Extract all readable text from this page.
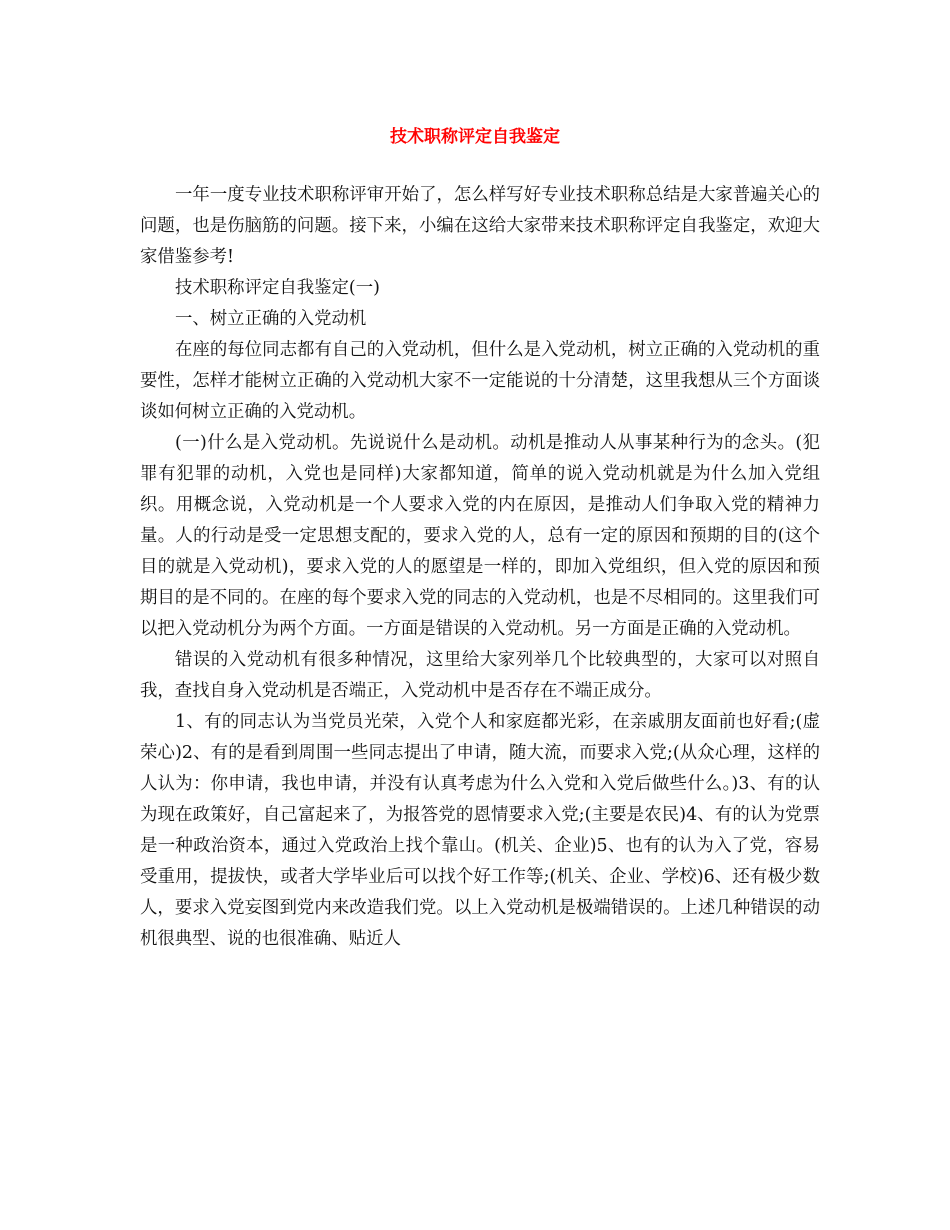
技术职称评定自我鉴定

一年一度专业技术职称评审开始了，怎么样写好专业技术职称总结是大家普遍关心的问题，也是伤脑筋的问题。接下来，小编在这给大家带来技术职称评定自我鉴定，欢迎大家借鉴参考!

技术职称评定自我鉴定(一)

一、树立正确的入党动机

在座的每位同志都有自己的入党动机，但什么是入党动机，树立正确的入党动机的重要性，怎样才能树立正确的入党动机大家不一定能说的十分清楚，这里我想从三个方面谈谈如何树立正确的入党动机。

(一)什么是入党动机。先说说什么是动机。动机是推动人从事某种行为的念头。(犯罪有犯罪的动机，入党也是同样)大家都知道，简单的说入党动机就是为什么加入党组织。用概念说，入党动机是一个人要求入党的内在原因，是推动人们争取入党的精神力量。人的行动是受一定思想支配的，要求入党的人，总有一定的原因和预期的目的(这个目的就是入党动机)，要求入党的人的愿望是一样的，即加入党组织，但入党的原因和预期目的是不同的。在座的每个要求入党的同志的入党动机，也是不尽相同的。这里我们可以把入党动机分为两个方面。一方面是错误的入党动机。另一方面是正确的入党动机。

错误的入党动机有很多种情况，这里给大家列举几个比较典型的，大家可以对照自我，查找自身入党动机是否端正，入党动机中是否存在不端正成分。

1、有的同志认为当党员光荣，入党个人和家庭都光彩，在亲戚朋友面前也好看;(虚荣心)2、有的是看到周围一些同志提出了申请，随大流，而要求入党;(从众心理，这样的人认为：你申请，我也申请，并没有认真考虑为什么入党和入党后做些什么。)3、有的认为现在政策好，自己富起来了，为报答党的恩情要求入党;(主要是农民)4、有的认为党票是一种政治资本，通过入党政治上找个靠山。(机关、企业)5、也有的认为入了党，容易受重用，提拔快，或者大学毕业后可以找个好工作等;(机关、企业、学校)6、还有极少数人，要求入党妄图到党内来改造我们党。以上入党动机是极端错误的。上述几种错误的动机很典型、说的也很准确、贴近人
